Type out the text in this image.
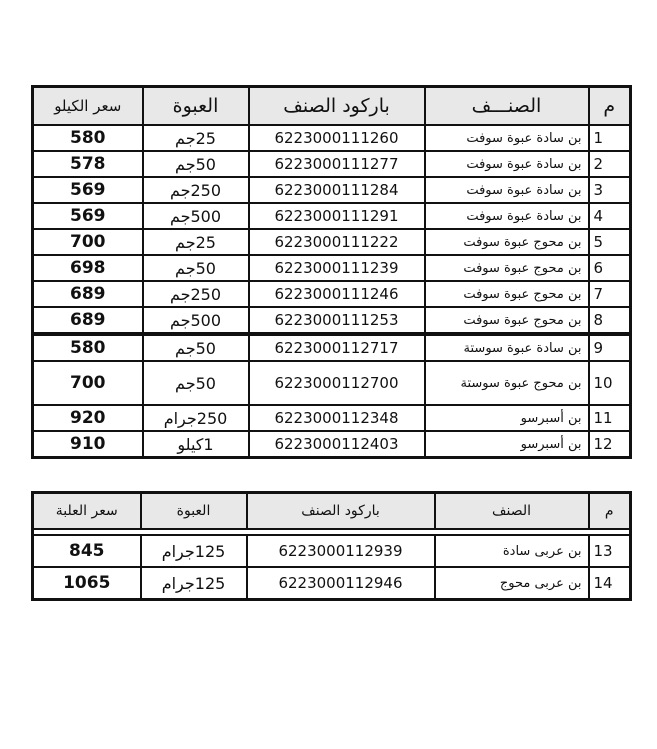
م	الصنـــف	باركود الصنف	العبوة	سعر الكيلو
1	بن سادة عبوة سوفت	6223000111260	25جم	580
2	بن سادة عبوة سوفت	6223000111277	50جم	578
3	بن سادة عبوة سوفت	6223000111284	250جم	569
4	بن سادة عبوة سوفت	6223000111291	500جم	569
5	بن محوج عبوة سوفت	6223000111222	25جم	700
6	بن محوج عبوة سوفت	6223000111239	50جم	698
7	بن محوج عبوة سوفت	6223000111246	250جم	689
8	بن محوج عبوة سوفت	6223000111253	500جم	689
9	بن سادة عبوة سوستة	6223000112717	50جم	580
10	بن محوج عبوة سوستة	6223000112700	50جم	700
11	بن أسبرسو	6223000112348	250جرام	920
12	بن أسبرسو	6223000112403	1كيلو	910
م	الصنف	باركود الصنف	العبوة	سعر العلبة

13	بن عربى سادة	6223000112939	125جرام	845
14	بن عربى محوج	6223000112946	125جرام	1065
